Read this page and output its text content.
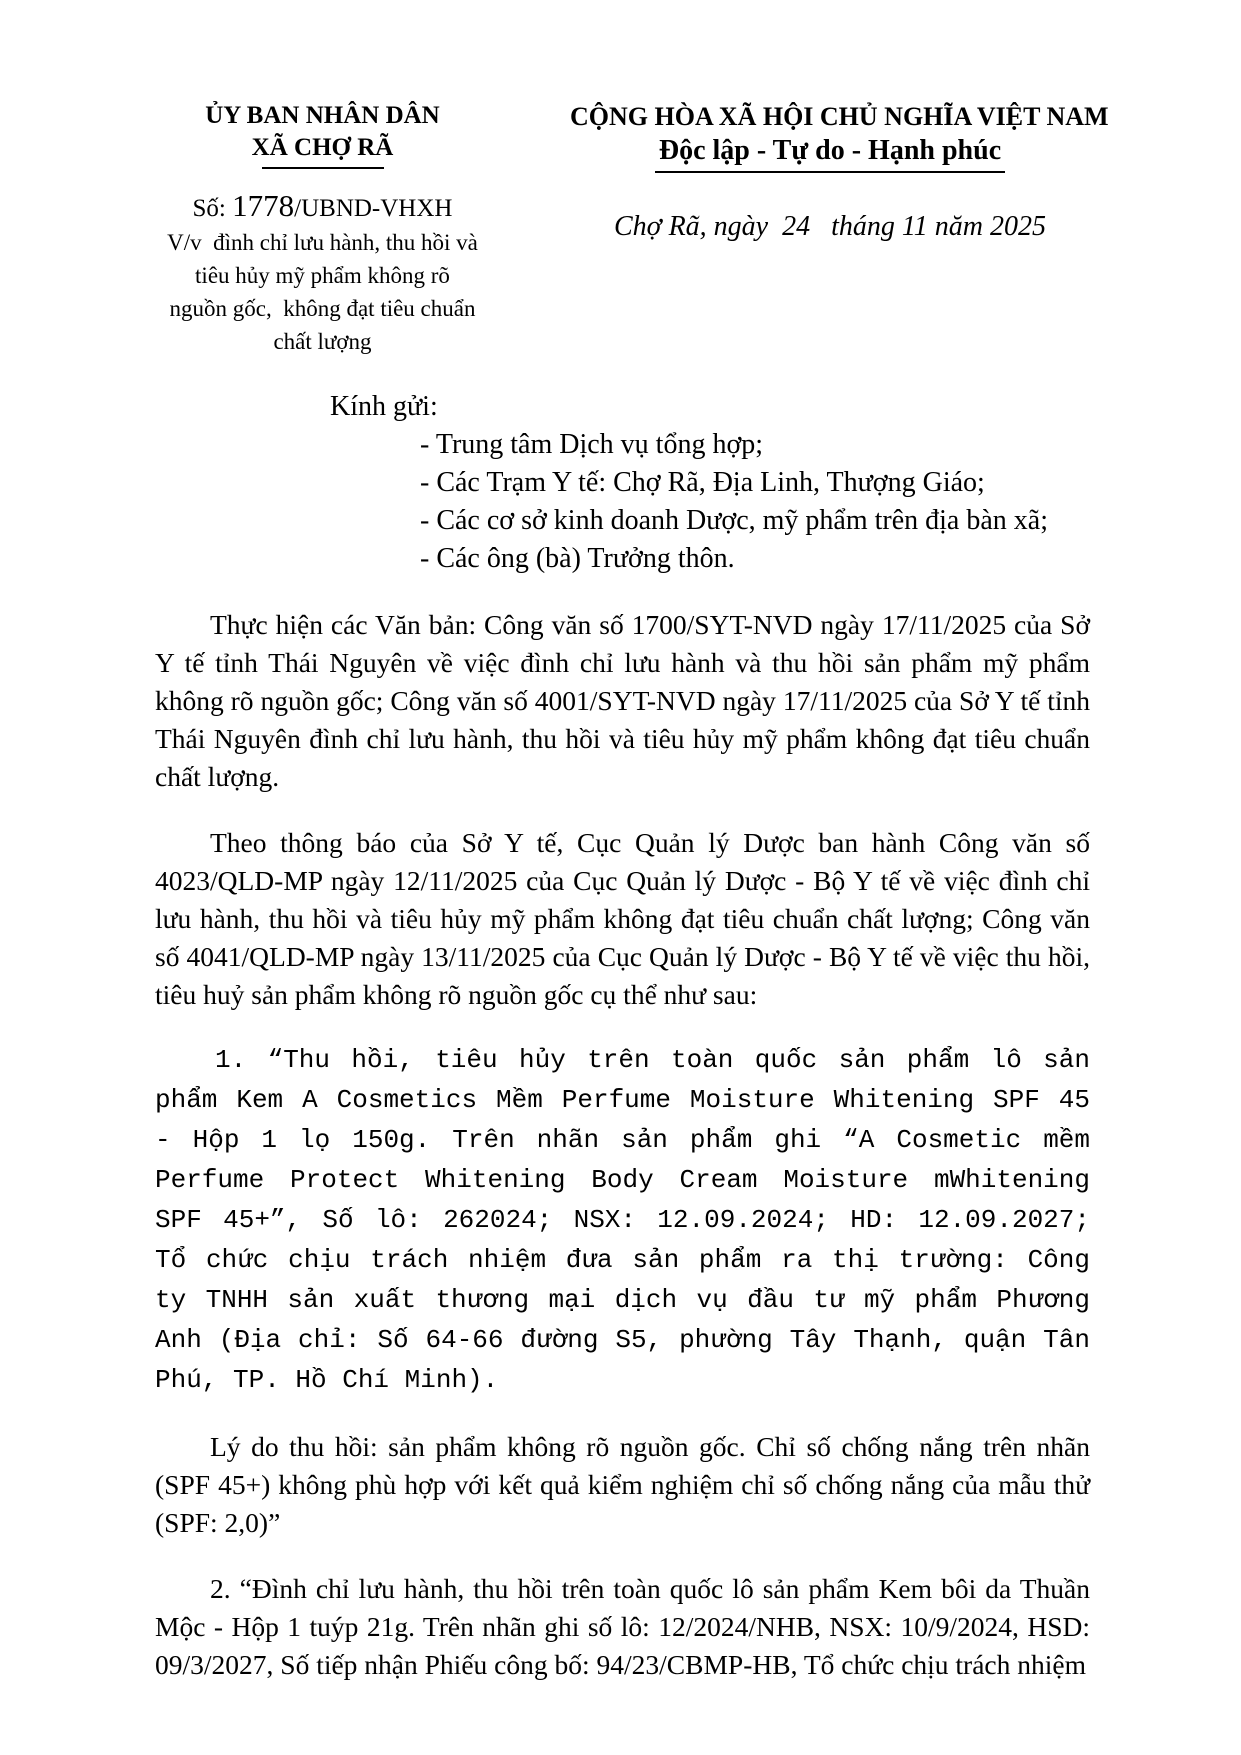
ỦY BAN NHÂN DÂN
XÃ CHỢ RÃ
Số: 1778/UBND-VHXH
V/v  đình chỉ lưu hành, thu hồi và
tiêu hủy mỹ phẩm không rõ
nguồn gốc,  không đạt tiêu chuẩn
chất lượng
CỘNG HÒA XÃ HỘI CHỦ NGHĨA VIỆT NAM
Độc lập - Tự do - Hạnh phúc
Chợ Rã, ngày  24   tháng 11 năm 2025
Kính gửi:
- Trung tâm Dịch vụ tổng hợp;
- Các Trạm Y tế: Chợ Rã, Địa Linh, Thượng Giáo;
- Các cơ sở kinh doanh Dược, mỹ phẩm trên địa bàn xã;
- Các ông (bà) Trưởng thôn.

Thực hiện các Văn bản: Công văn số 1700/SYT-NVD ngày 17/11/2025 của Sở Y tế tỉnh Thái Nguyên về việc đình chỉ lưu hành và thu hồi sản phẩm mỹ phẩm không rõ nguồn gốc; Công văn số 4001/SYT-NVD ngày 17/11/2025 của Sở Y tế tỉnh Thái Nguyên đình chỉ lưu hành, thu hồi và tiêu hủy mỹ phẩm không đạt tiêu chuẩn chất lượng.

Theo thông báo của Sở Y tế, Cục Quản lý Dược ban hành Công văn số 4023/QLD-MP ngày 12/11/2025 của Cục Quản lý Dược - Bộ Y tế về việc đình chỉ lưu hành, thu hồi và tiêu hủy mỹ phẩm không đạt tiêu chuẩn chất lượng; Công văn số 4041/QLD-MP ngày 13/11/2025 của Cục Quản lý Dược - Bộ Y tế về việc thu hồi, tiêu huỷ sản phẩm không rõ nguồn gốc cụ thể như sau:

1. “Thu hồi, tiêu hủy trên toàn quốc sản phẩm lô sản phẩm Kem A Cosmetics Mềm Perfume Moisture Whitening SPF 45 - Hộp 1 lọ 150g. Trên nhãn sản phẩm ghi “A Cosmetic mềm Perfume Protect Whitening Body Cream Moisture mWhitening SPF 45+”, Số lô: 262024; NSX: 12.09.2024; HD: 12.09.2027; Tổ chức chịu trách nhiệm đưa sản phẩm ra thị trường: Công ty TNHH sản xuất thương mại dịch vụ đầu tư mỹ phẩm Phương Anh (Địa chỉ: Số 64-66 đường S5, phường Tây Thạnh, quận Tân Phú, TP. Hồ Chí Minh).

Lý do thu hồi: sản phẩm không rõ nguồn gốc. Chỉ số chống nắng trên nhãn (SPF 45+) không phù hợp với kết quả kiểm nghiệm chỉ số chống nắng của mẫu thử (SPF: 2,0)”

2. “Đình chỉ lưu hành, thu hồi trên toàn quốc lô sản phẩm Kem bôi da Thuần Mộc - Hộp 1 tuýp 21g. Trên nhãn ghi số lô: 12/2024/NHB, NSX: 10/9/2024, HSD: 09/3/2027, Số tiếp nhận Phiếu công bố: 94/23/CBMP-HB, Tổ chức chịu trách nhiệm
